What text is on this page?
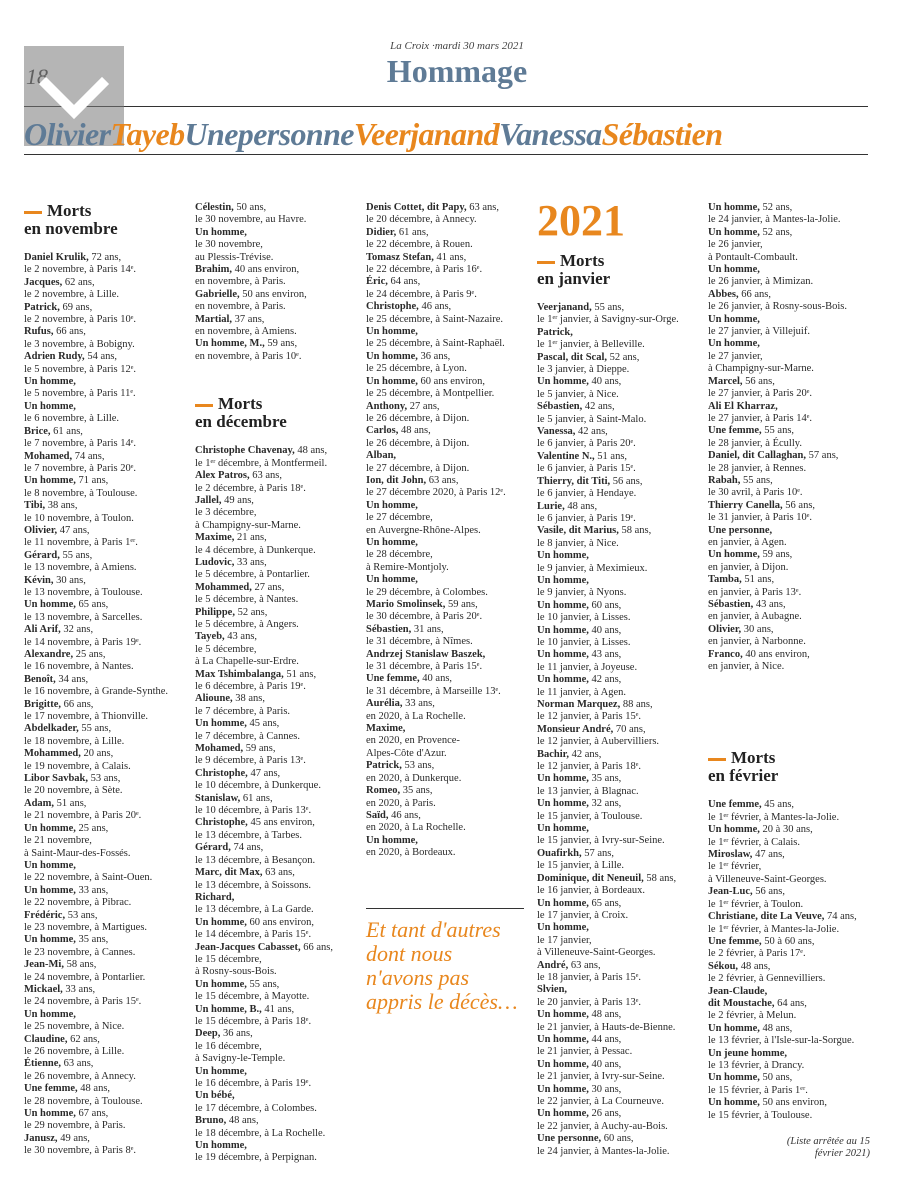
La Croix ·mardi 30 mars 2021
Hommage
OlivierTayebUnepersonneVeerjanandVanessaSébastien
Morts
en novembre
Daniel Krulik, 72 ans,
le 2 novembre, à Paris 14ᵉ.
Jacques, 62 ans,
le 2 novembre, à Lille.
Patrick, 69 ans,
le 2 novembre, à Paris 10ᵉ.
Rufus, 66 ans,
le 3 novembre, à Bobigny.
Adrien Rudy, 54 ans,
le 5 novembre, à Paris 12ᵉ.
Un homme,
le 5 novembre, à Paris 11ᵉ.
Un homme,
le 6 novembre, à Lille.
Brice, 61 ans,
le 7 novembre, à Paris 14ᵉ.
Mohamed, 74 ans,
le 7 novembre, à Paris 20ᵉ.
Un homme, 71 ans,
le 8 novembre, à Toulouse.
Tibi, 38 ans,
le 10 novembre, à Toulon.
Olivier, 47 ans,
le 11 novembre, à Paris 1ᵉʳ.
Gérard, 55 ans,
le 13 novembre, à Amiens.
Kévin, 30 ans,
le 13 novembre, à Toulouse.
Un homme, 65 ans,
le 13 novembre, à Sarcelles.
Ali Arif, 32 ans,
le 14 novembre, à Paris 19ᵉ.
Alexandre, 25 ans,
le 16 novembre, à Nantes.
Benoît, 34 ans,
le 16 novembre, à Grande-Synthe.
Brigitte, 66 ans,
le 17 novembre, à Thionville.
Abdelkader, 55 ans,
le 18 novembre, à Lille.
Mohammed, 20 ans,
le 19 novembre, à Calais.
Libor Savbak, 53 ans,
le 20 novembre, à Sète.
Adam, 51 ans,
le 21 novembre, à Paris 20ᵉ.
Un homme, 25 ans,
le 21 novembre,
à Saint-Maur-des-Fossés.
Un homme,
le 22 novembre, à Saint-Ouen.
Un homme, 33 ans,
le 22 novembre, à Pibrac.
Frédéric, 53 ans,
le 23 novembre, à Martigues.
Un homme, 35 ans,
le 23 novembre, à Cannes.
Jean-Mi, 58 ans,
le 24 novembre, à Pontarlier.
Mickael, 33 ans,
le 24 novembre, à Paris 15ᵉ.
Un homme,
le 25 novembre, à Nice.
Claudine, 62 ans,
le 26 novembre, à Lille.
Étienne, 63 ans,
le 26 novembre, à Annecy.
Une femme, 48 ans,
le 28 novembre, à Toulouse.
Un homme, 67 ans,
le 29 novembre, à Paris.
Janusz, 49 ans,
le 30 novembre, à Paris 8ᵉ.
Célestin, 50 ans,
le 30 novembre, au Havre.
Un homme,
le 30 novembre,
au Plessis-Trévise.
Brahim, 40 ans environ,
en novembre, à Paris.
Gabrielle, 50 ans environ,
en novembre, à Paris.
Martial, 37 ans,
en novembre, à Amiens.
Un homme, M., 59 ans,
en novembre, à Paris 10ᵉ.
Morts
en décembre
Christophe Chavenay, 48 ans,
le 1ᵉʳ décembre, à Montfermeil.
Alex Patros, 63 ans,
le 2 décembre, à Paris 18ᵉ.
Jallel, 49 ans,
le 3 décembre,
à Champigny-sur-Marne.
Maxime, 21 ans,
le 4 décembre, à Dunkerque.
Ludovic, 33 ans,
le 5 décembre, à Pontarlier.
Mohammed, 27 ans,
le 5 décembre, à Nantes.
Philippe, 52 ans,
le 5 décembre, à Angers.
Tayeb, 43 ans,
le 5 décembre,
à La Chapelle-sur-Erdre.
Max Tshimbalanga, 51 ans,
le 6 décembre, à Paris 19ᵉ.
Alioune, 38 ans,
le 7 décembre, à Paris.
Un homme, 45 ans,
le 7 décembre, à Cannes.
Mohamed, 59 ans,
le 9 décembre, à Paris 13ᵉ.
Christophe, 47 ans,
le 10 décembre, à Dunkerque.
Stanislaw, 61 ans,
le 10 décembre, à Paris 13ᵉ.
Christophe, 45 ans environ,
le 13 décembre, à Tarbes.
Gérard, 74 ans,
le 13 décembre, à Besançon.
Marc, dit Max, 63 ans,
le 13 décembre, à Soissons.
Richard,
le 13 décembre, à La Garde.
Un homme, 60 ans environ,
le 14 décembre, à Paris 15ᵉ.
Jean-Jacques Cabasset, 66 ans,
le 15 décembre,
à Rosny-sous-Bois.
Un homme, 55 ans,
le 15 décembre, à Mayotte.
Un homme, B., 41 ans,
le 15 décembre, à Paris 18ᵉ.
Deep, 36 ans,
le 16 décembre,
à Savigny-le-Temple.
Un homme,
le 16 décembre, à Paris 19ᵉ.
Un bébé,
le 17 décembre, à Colombes.
Bruno, 48 ans,
le 18 décembre, à La Rochelle.
Un homme,
le 19 décembre, à Perpignan.
Denis Cottet, dit Papy, 63 ans,
le 20 décembre, à Annecy.
Didier, 61 ans,
le 22 décembre, à Rouen.
Tomasz Stefan, 41 ans,
le 22 décembre, à Paris 16ᵉ.
Éric, 64 ans,
le 24 décembre, à Paris 9ᵉ.
Christophe, 46 ans,
le 25 décembre, à Saint-Nazaire.
Un homme,
le 25 décembre, à Saint-Raphaël.
Un homme, 36 ans,
le 25 décembre, à Lyon.
Un homme, 60 ans environ,
le 25 décembre, à Montpellier.
Anthony, 27 ans,
le 26 décembre, à Dijon.
Carlos, 48 ans,
le 26 décembre, à Dijon.
Alban,
le 27 décembre, à Dijon.
Ion, dit John, 63 ans,
le 27 décembre 2020, à Paris 12ᵉ.
Un homme,
le 27 décembre,
en Auvergne-Rhône-Alpes.
Un homme,
le 28 décembre,
à Remire-Montjoly.
Un homme,
le 29 décembre, à Colombes.
Mario Smolinsek, 59 ans,
le 30 décembre, à Paris 20ᵉ.
Sébastien, 31 ans,
le 31 décembre, à Nîmes.
Andrzej Stanislaw Baszek,
le 31 décembre, à Paris 15ᵉ.
Une femme, 40 ans,
le 31 décembre, à Marseille 13ᵉ.
Aurélia, 33 ans,
en 2020, à La Rochelle.
Maxime,
en 2020, en Provence-
Alpes-Côte d'Azur.
Patrick, 53 ans,
en 2020, à Dunkerque.
Romeo, 35 ans,
en 2020, à Paris.
Saïd, 46 ans,
en 2020, à La Rochelle.
Un homme,
en 2020, à Bordeaux.
2021
Morts
en janvier
Veerjanand, 55 ans,
le 1ᵉʳ janvier, à Savigny-sur-Orge.
Patrick,
le 1ᵉʳ janvier, à Belleville.
Pascal, dit Scal, 52 ans,
le 3 janvier, à Dieppe.
Un homme, 40 ans,
le 5 janvier, à Nice.
Sébastien, 42 ans,
le 5 janvier, à Saint-Malo.
Vanessa, 42 ans,
le 6 janvier, à Paris 20ᵉ.
Valentine N., 51 ans,
le 6 janvier, à Paris 15ᵉ.
Thierry, dit Titi, 56 ans,
le 6 janvier, à Hendaye.
Lurie, 48 ans,
le 6 janvier, à Paris 19ᵉ.
Vasile, dit Marius, 58 ans,
le 8 janvier, à Nice.
Un homme,
le 9 janvier, à Meximieux.
Un homme,
le 9 janvier, à Nyons.
Un homme, 60 ans,
le 10 janvier, à Lisses.
Un homme, 40 ans,
le 10 janvier, à Lisses.
Un homme, 43 ans,
le 11 janvier, à Joyeuse.
Un homme, 42 ans,
le 11 janvier, à Agen.
Norman Marquez, 88 ans,
le 12 janvier, à Paris 15ᵉ.
Monsieur André, 70 ans,
le 12 janvier, à Aubervilliers.
Bachir, 42 ans,
le 12 janvier, à Paris 18ᵉ.
Un homme, 35 ans,
le 13 janvier, à Blagnac.
Un homme, 32 ans,
le 15 janvier, à Toulouse.
Un homme,
le 15 janvier, à Ivry-sur-Seine.
Ouafirkh, 57 ans,
le 15 janvier, à Lille.
Dominique, dit Neneuil, 58 ans,
le 16 janvier, à Bordeaux.
Un homme, 65 ans,
le 17 janvier, à Croix.
Un homme,
le 17 janvier,
à Villeneuve-Saint-Georges.
André, 63 ans,
le 18 janvier, à Paris 15ᵉ.
Slvien,
le 20 janvier, à Paris 13ᵉ.
Un homme, 48 ans,
le 21 janvier, à Hauts-de-Bienne.
Un homme, 44 ans,
le 21 janvier, à Pessac.
Un homme, 40 ans,
le 21 janvier, à Ivry-sur-Seine.
Un homme, 30 ans,
le 22 janvier, à La Courneuve.
Un homme, 26 ans,
le 22 janvier, à Auchy-au-Bois.
Une personne, 60 ans,
le 24 janvier, à Mantes-la-Jolie.
Un homme, 52 ans,
le 24 janvier, à Mantes-la-Jolie.
Un homme, 52 ans,
le 26 janvier,
à Pontault-Combault.
Un homme,
le 26 janvier, à Mimizan.
Abbes, 66 ans,
le 26 janvier, à Rosny-sous-Bois.
Un homme,
le 27 janvier, à Villejuif.
Un homme,
le 27 janvier,
à Champigny-sur-Marne.
Marcel, 56 ans,
le 27 janvier, à Paris 20ᵉ.
Ali El Kharraz,
le 27 janvier, à Paris 14ᵉ.
Une femme, 55 ans,
le 28 janvier, à Écully.
Daniel, dit Callaghan, 57 ans,
le 28 janvier, à Rennes.
Rabah, 55 ans,
le 30 avril, à Paris 10ᵉ.
Thierry Canella, 56 ans,
le 31 janvier, à Paris 10ᵉ.
Une personne,
en janvier, à Agen.
Un homme, 59 ans,
en janvier, à Dijon.
Tamba, 51 ans,
en janvier, à Paris 13ᵉ.
Sébastien, 43 ans,
en janvier, à Aubagne.
Olivier, 30 ans,
en janvier, à Narbonne.
Franco, 40 ans environ,
en janvier, à Nice.
Morts
en février
Une femme, 45 ans,
le 1ᵉʳ février, à Mantes-la-Jolie.
Un homme, 20 à 30 ans,
le 1ᵉʳ février, à Calais.
Miroslaw, 47 ans,
le 1ᵉʳ février,
à Villeneuve-Saint-Georges.
Jean-Luc, 56 ans,
le 1ᵉʳ février, à Toulon.
Christiane, dite La Veuve, 74 ans,
le 1ᵉʳ février, à Mantes-la-Jolie.
Une femme, 50 à 60 ans,
le 2 février, à Paris 17ᵉ.
Sékou, 48 ans,
le 2 février, à Gennevilliers.
Jean-Claude,
dit Moustache, 64 ans,
le 2 février, à Melun.
Un homme, 48 ans,
le 13 février, à l'Isle-sur-la-Sorgue.
Un jeune homme,
le 13 février, à Drancy.
Un homme, 50 ans,
le 15 février, à Paris 1ᵉʳ.
Un homme, 50 ans environ,
le 15 février, à Toulouse.
Et tant d'autres dont nous n'avons pas appris le décès…
(Liste arrêtée au 15 février 2021)
